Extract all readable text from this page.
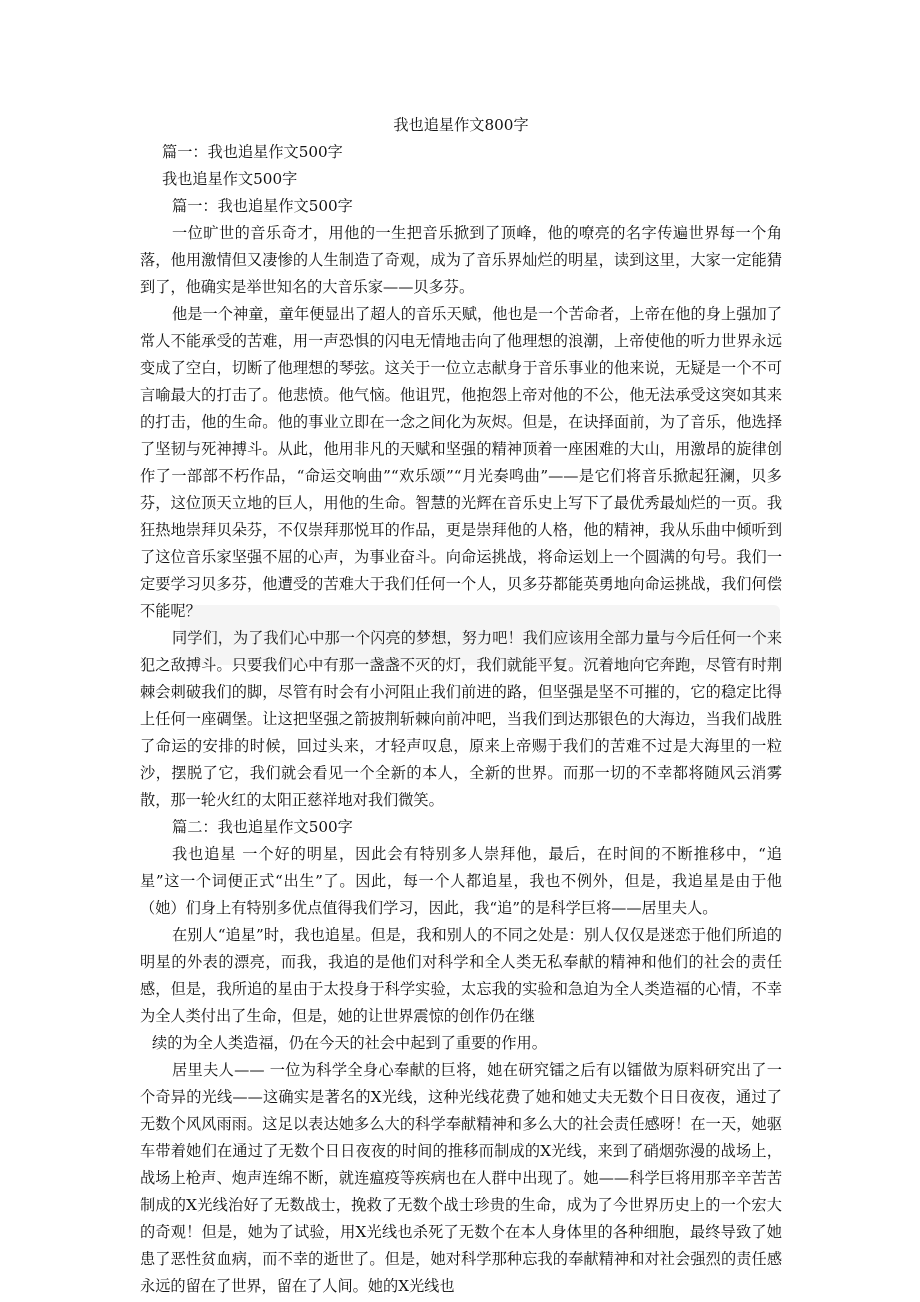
我也追星作文800字

篇一：我也追星作文500字

我也追星作文500字

篇一：我也追星作文500字

一位旷世的音乐奇才，用他的一生把音乐掀到了顶峰，他的嘹亮的名字传遍世界每一个角落，他用激情但又凄惨的人生制造了奇观，成为了音乐界灿烂的明星，读到这里，大家一定能猜到了，他确实是举世知名的大音乐家——贝多芬。

他是一个神童，童年便显出了超人的音乐天赋，他也是一个苦命者，上帝在他的身上强加了常人不能承受的苦难，用一声恐惧的闪电无情地击向了他理想的浪潮，上帝使他的听力世界永远变成了空白，切断了他理想的琴弦。这关于一位立志献身于音乐事业的他来说，无疑是一个不可言喻最大的打击了。他悲愤。他气恼。他诅咒，他抱怨上帝对他的不公，他无法承受这突如其来的打击，他的生命。他的事业立即在一念之间化为灰烬。但是，在诀择面前，为了音乐，他选择了坚韧与死神搏斗。从此，他用非凡的天赋和坚强的精神顶着一座困难的大山，用激昂的旋律创作了一部部不朽作品，“命运交响曲”“欢乐颂”“月光奏鸣曲”——是它们将音乐掀起狂澜，贝多芬，这位顶天立地的巨人，用他的生命。智慧的光辉在音乐史上写下了最优秀最灿烂的一页。我狂热地崇拜贝朵芬，不仅崇拜那悦耳的作品，更是崇拜他的人格，他的精神，我从乐曲中倾听到了这位音乐家坚强不屈的心声，为事业奋斗。向命运挑战，将命运划上一个圆满的句号。我们一定要学习贝多芬，他遭受的苦难大于我们任何一个人，贝多芬都能英勇地向命运挑战，我们何偿不能呢？

同学们，为了我们心中那一个闪亮的梦想，努力吧！我们应该用全部力量与今后任何一个来犯之敌搏斗。只要我们心中有那一盏盏不灭的灯，我们就能平复。沉着地向它奔跑，尽管有时荆棘会刺破我们的脚，尽管有时会有小河阻止我们前进的路，但坚强是坚不可摧的，它的稳定比得上任何一座碉堡。让这把坚强之箭披荆斩棘向前冲吧，当我们到达那银色的大海边，当我们战胜了命运的安排的时候，回过头来，才轻声叹息，原来上帝赐于我们的苦难不过是大海里的一粒沙，摆脱了它，我们就会看见一个全新的本人，全新的世界。而那一切的不幸都将随风云消雾散，那一轮火红的太阳正慈祥地对我们微笑。

篇二：我也追星作文500字

我也追星 一个好的明星，因此会有特别多人崇拜他，最后，在时间的不断推移中，“追星”这一个词便正式“出生”了。因此，每一个人都追星，我也不例外，但是，我追星是由于他（她）们身上有特别多优点值得我们学习，因此，我“追”的是科学巨将——居里夫人。

在别人“追星”时，我也追星。但是，我和别人的不同之处是：别人仅仅是迷恋于他们所追的明星的外表的漂亮，而我，我追的是他们对科学和全人类无私奉献的精神和他们的社会的责任感，但是，我所追的星由于太投身于科学实验，太忘我的实验和急迫为全人类造福的心情，不幸为全人类付出了生命，但是，她的让世界震惊的创作仍在继

续的为全人类造福，仍在今天的社会中起到了重要的作用。

居里夫人—— 一位为科学全身心奉献的巨将，她在研究镭之后有以镭做为原料研究出了一个奇异的光线——这确实是著名的X光线，这种光线花费了她和她丈夫无数个日日夜夜，通过了无数个风风雨雨。这足以表达她多么大的科学奉献精神和多么大的社会责任感呀！在一天，她驱车带着她们在通过了无数个日日夜夜的时间的推移而制成的X光线，来到了硝烟弥漫的战场上，战场上枪声、炮声连绵不断，就连瘟疫等疾病也在人群中出现了。她——科学巨将用那辛辛苦苦制成的X光线治好了无数战士，挽救了无数个战士珍贵的生命，成为了今世界历史上的一个宏大的奇观！但是，她为了试验，用X光线也杀死了无数个在本人身体里的各种细胞，最终导致了她患了恶性贫血病，而不幸的逝世了。但是，她对科学那种忘我的奉献精神和对社会强烈的责任感永远的留在了世界，留在了人间。她的X光线也
